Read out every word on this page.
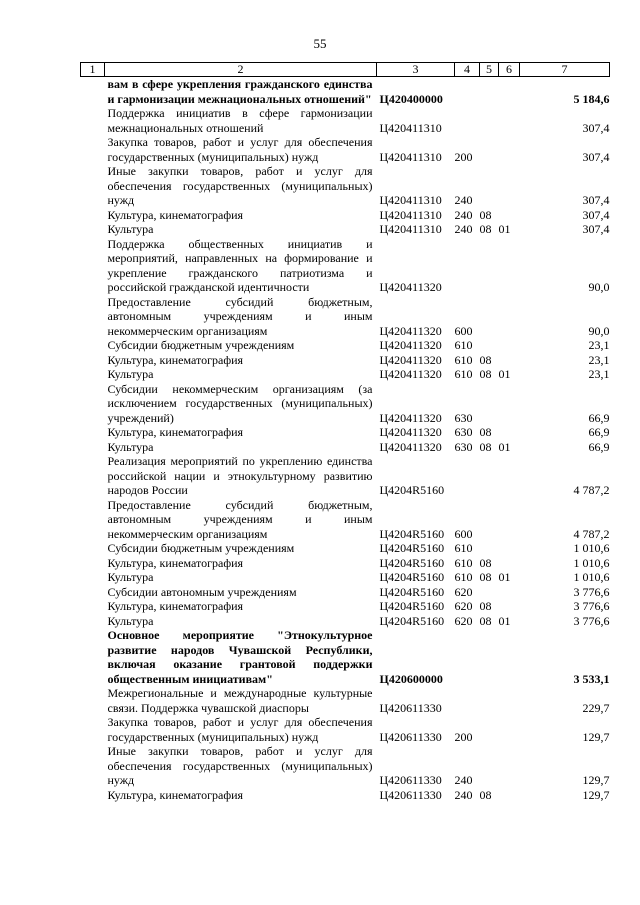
55
1	2	3	4	5	6	7
	вам в сфере укрепления гражданского единства и гармонизации межнациональных отношений"	Ц420400000				5 184,6
	Поддержка инициатив в сфере гармонизации межнациональных отношений	Ц420411310				307,4
	Закупка товаров, работ и услуг для обеспечения государственных (муниципальных) нужд	Ц420411310	200			307,4
	Иные закупки товаров, работ и услуг для обеспечения государственных (муниципальных) нужд	Ц420411310	240			307,4
	Культура, кинематография	Ц420411310	240	08		307,4
	Культура	Ц420411310	240	08	01	307,4
	Поддержка общественных инициатив и мероприятий, направленных на формирование и укрепление гражданского патриотизма и российской гражданской идентичности	Ц420411320				90,0
	Предоставление субсидий бюджетным, автономным учреждениям и иным некоммерческим организациям	Ц420411320	600			90,0
	Субсидии бюджетным учреждениям	Ц420411320	610			23,1
	Культура, кинематография	Ц420411320	610	08		23,1
	Культура	Ц420411320	610	08	01	23,1
	Субсидии некоммерческим организациям (за исключением государственных (муниципальных) учреждений)	Ц420411320	630			66,9
	Культура, кинематография	Ц420411320	630	08		66,9
	Культура	Ц420411320	630	08	01	66,9
	Реализация мероприятий по укреплению единства российской нации и этнокультурному развитию народов России	Ц4204R5160				4 787,2
	Предоставление субсидий бюджетным, автономным учреждениям и иным некоммерческим организациям	Ц4204R5160	600			4 787,2
	Субсидии бюджетным учреждениям	Ц4204R5160	610			1 010,6
	Культура, кинематография	Ц4204R5160	610	08		1 010,6
	Культура	Ц4204R5160	610	08	01	1 010,6
	Субсидии автономным учреждениям	Ц4204R5160	620			3 776,6
	Культура, кинематография	Ц4204R5160	620	08		3 776,6
	Культура	Ц4204R5160	620	08	01	3 776,6
	Основное мероприятие "Этнокультурное развитие народов Чувашской Республики, включая оказание грантовой поддержки общественным инициативам"	Ц420600000				3 533,1
	Межрегиональные и международные культурные связи. Поддержка чувашской диаспоры	Ц420611330				229,7
	Закупка товаров, работ и услуг для обеспечения государственных (муниципальных) нужд	Ц420611330	200			129,7
	Иные закупки товаров, работ и услуг для обеспечения государственных (муниципальных) нужд	Ц420611330	240			129,7
	Культура, кинематография	Ц420611330	240	08		129,7
